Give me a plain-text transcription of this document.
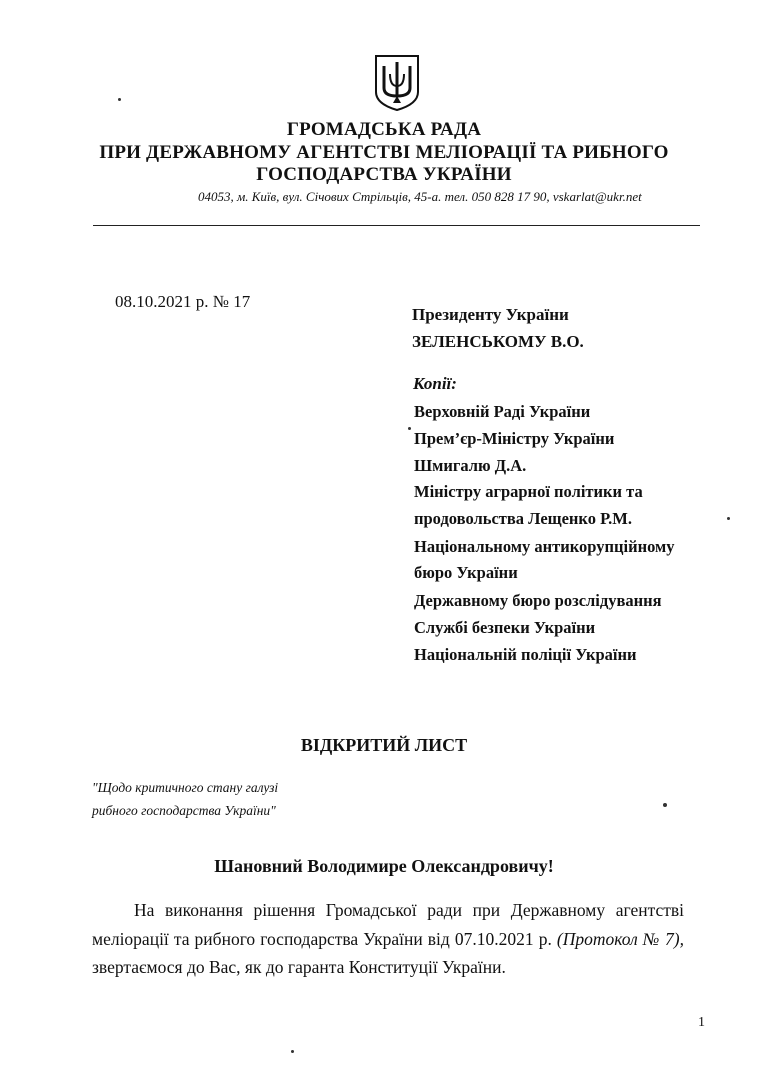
ГРОМАДСЬКА РАДА
ПРИ ДЕРЖАВНОМУ АГЕНТСТВІ МЕЛІОРАЦІЇ ТА РИБНОГО
ГОСПОДАРСТВА УКРАЇНИ
04053, м. Київ, вул. Січових Стрільців, 45-а. тел. 050 828 17 90, vskarlat@ukr.net
08.10.2021 р. № 17
Президенту України
ЗЕЛЕНСЬКОМУ В.О.
Копії:
Верховній Раді України
Прем’єр-Міністру України
Шмигалю Д.А.
Міністру аграрної політики та
продовольства Лещенко Р.М.
Національному антикорупційному
бюро України
Державному бюро розслідування
Службі безпеки України
Національній поліції України
ВІДКРИТИЙ ЛИСТ
"Щодо критичного стану галузі
рибного господарства України"
Шановний Володимире Олександровичу!
На виконання рішення Громадської ради при Державному агентстві меліорації та рибного господарства України від 07.10.2021 р. (Протокол № 7), звертаємося до Вас, як до гаранта Конституції України.
1
